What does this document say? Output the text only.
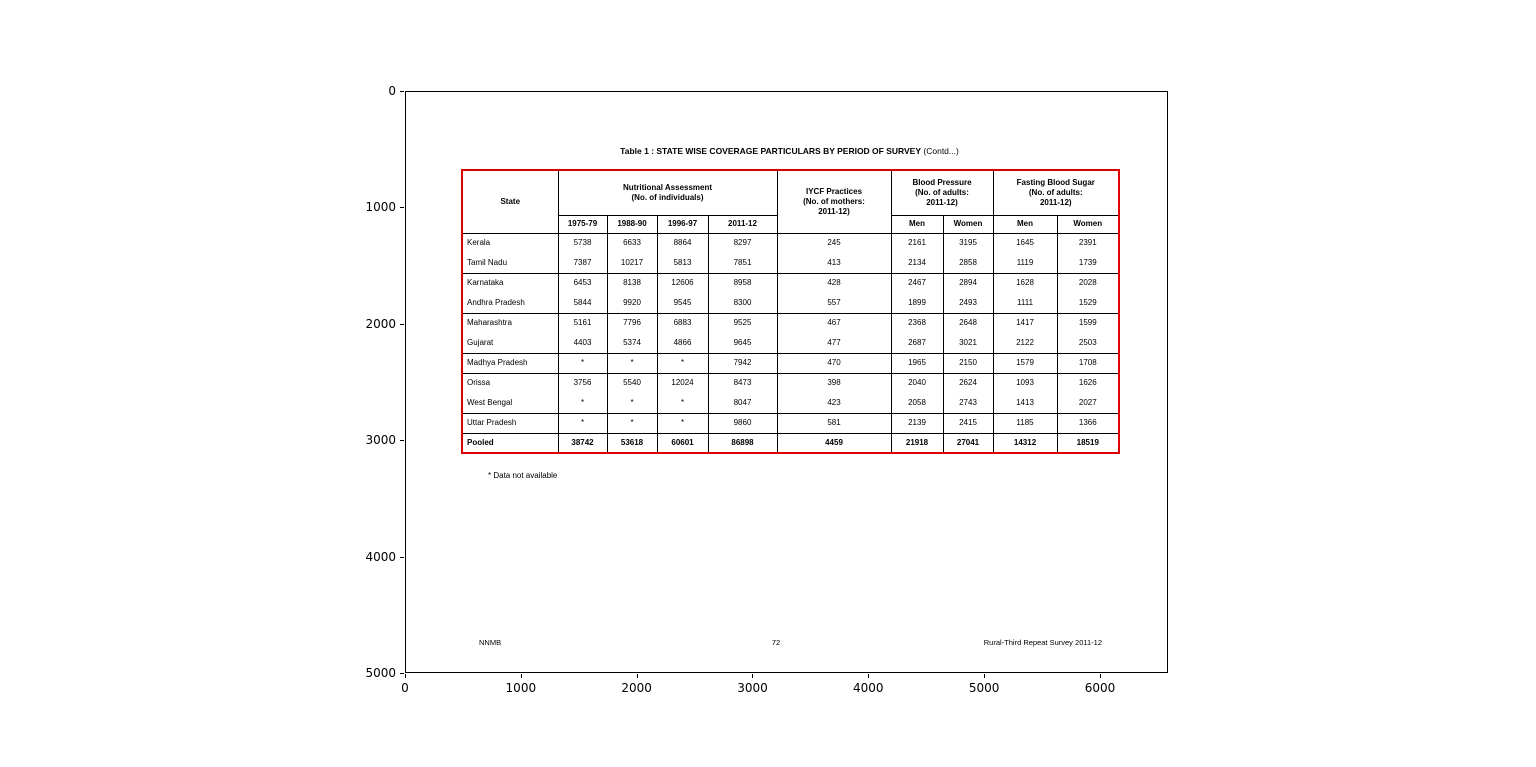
Table 1 : STATE WISE COVERAGE PARTICULARS BY PERIOD OF SURVEY (Contd...)
State	
Nutritional Assessment
(No. of individuals)

IYCF Practices
(No. of mothers:
2011-12)

Blood Pressure
(No. of adults:
2011-12)

Fasting Blood Sugar
(No. of adults:
2011-12)

	1975-79	1988-90	1996-97	2011-12		Men	Women	Men	Women
Kerala	5738	6633	8864	8297	245	2161	3195	1645	2391
Tamil Nadu	7387	10217	5813	7851	413	2134	2858	1119	1739
Karnataka	6453	8138	12606	8958	428	2467	2894	1628	2028
Andhra Pradesh	5844	9920	9545	8300	557	1899	2493	1111	1529
Maharashtra	5161	7796	6883	9525	467	2368	2648	1417	1599
Gujarat	4403	5374	4866	9645	477	2687	3021	2122	2503
Madhya Pradesh	*	*	*	7942	470	1965	2150	1579	1708
Orissa	3756	5540	12024	8473	398	2040	2624	1093	1626
West Bengal	*	*	*	8047	423	2058	2743	1413	2027
Uttar Pradesh	*	*	*	9860	581	2139	2415	1185	1366
Pooled	38742	53618	60601	86898	4459	21918	27041	14312	18519
* Data not available
NNMB	72	Rural-Third Repeat Survey 2011-12
0	1000	2000	3000	4000	5000	6000
0
1000
2000
3000
4000
5000
